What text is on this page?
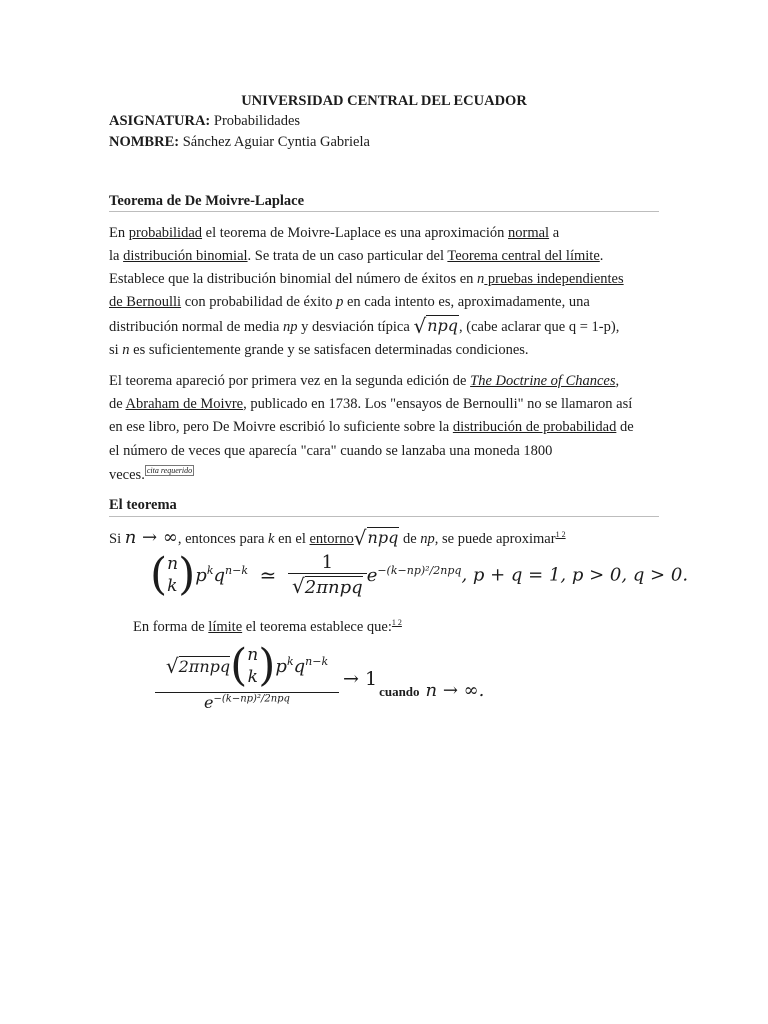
UNIVERSIDAD CENTRAL DEL ECUADOR
ASIGNATURA: Probabilidades
NOMBRE: Sánchez Aguiar Cyntia Gabriela
Teorema de De Moivre-Laplace
En probabilidad el teorema de Moivre-Laplace es una aproximación normal a
la distribución binomial. Se trata de un caso particular del Teorema central del límite.
Establece que la distribución binomial del número de éxitos en n pruebas independientes
de Bernoulli con probabilidad de éxito p en cada intento es, aproximadamente, una
distribución normal de media np y desviación típica √npq, (cabe aclarar que q = 1-p),
si n es suficientemente grande y se satisfacen determinadas condiciones.
El teorema apareció por primera vez en la segunda edición de The Doctrine of Chances,
de Abraham de Moivre, publicado en 1738. Los "ensayos de Bernoulli" no se llamaron así
en ese libro, pero De Moivre escribió lo suficiente sobre la distribución de probabilidad de
el número de veces que aparecía "cara" cuando se lanzaba una moneda 1800
veces. $^{cita requerido}$
El teorema
Si n → ∞, entonces para k en el entorno√npq de np, se puede aproximar$^{1 2}$
( n
k )$p^kq^{n-k}$ ≃ $\frac{1}{\text{√2πnpq}} e^{-(k-np)^2/2npq}$, p + q = 1, p > 0, q > 0.
En forma de límite el teorema establece que:$^{1 2}$
√2πnpq( n
k )$p^kq^{n-k}$
$e^{-(k-np)^2/2npq}$ → 1cuando n → ∞.
